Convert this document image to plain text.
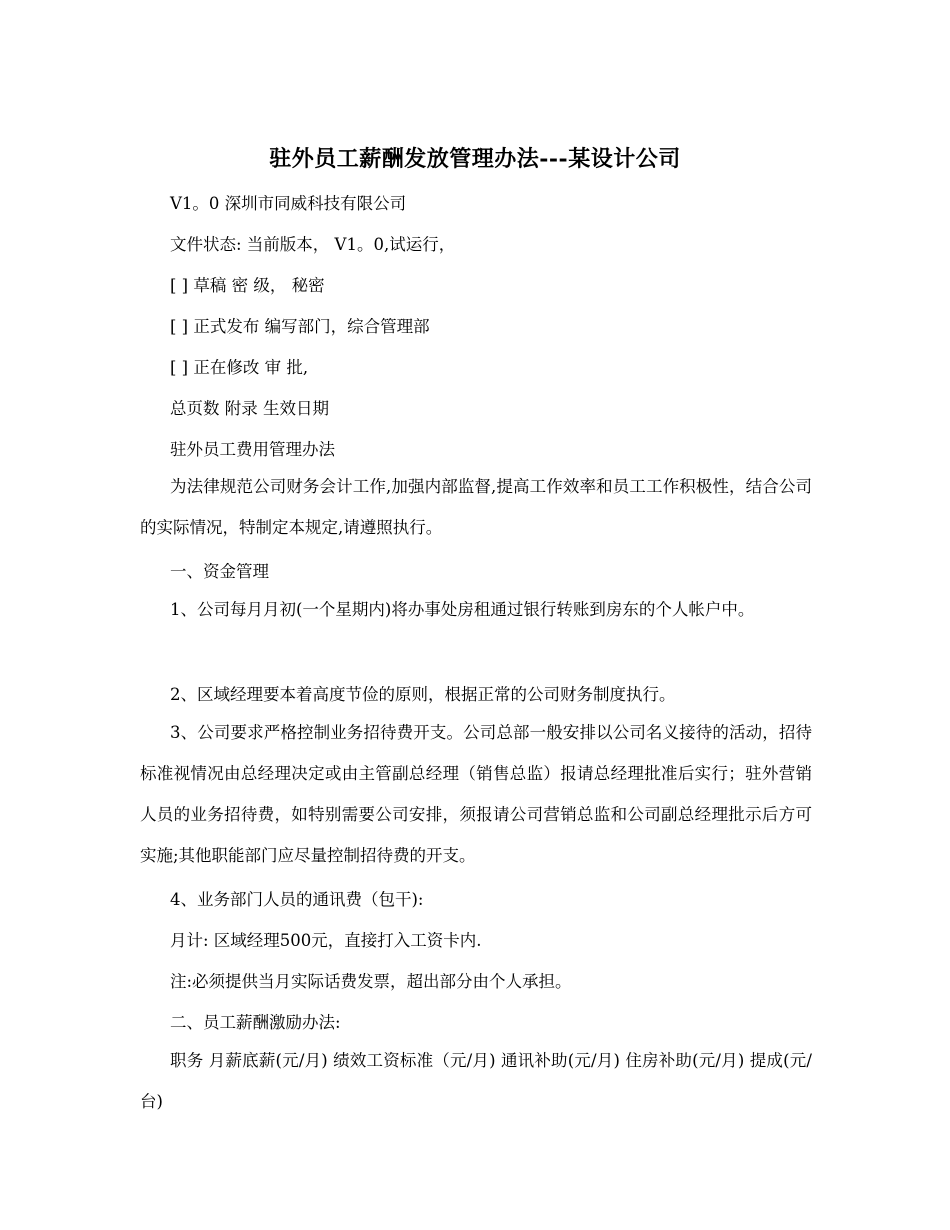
驻外员工薪酬发放管理办法---某设计公司
V1。0 深圳市同威科技有限公司
文件状态: 当前版本， V1。0,试运行，
[ ] 草稿 密 级， 秘密
[ ] 正式发布 编写部门，综合管理部
[ ] 正在修改 审 批,
总页数 附录 生效日期
驻外员工费用管理办法
为法律规范公司财务会计工作,加强内部监督,提高工作效率和员工工作积极性，结合公司的实际情况，特制定本规定,请遵照执行。
一、资金管理
1、公司每月月初(一个星期内)将办事处房租通过银行转账到房东的个人帐户中。
2、区域经理要本着高度节俭的原则，根据正常的公司财务制度执行。
3、公司要求严格控制业务招待费开支。公司总部一般安排以公司名义接待的活动，招待标准视情况由总经理决定或由主管副总经理（销售总监）报请总经理批准后实行；驻外营销人员的业务招待费，如特别需要公司安排，须报请公司营销总监和公司副总经理批示后方可实施;其他职能部门应尽量控制招待费的开支。
4、业务部门人员的通讯费（包干):
月计: 区域经理500元，直接打入工资卡内.
注:必须提供当月实际话费发票，超出部分由个人承担。
二、员工薪酬激励办法:
职务 月薪底薪(元/月) 绩效工资标准（元/月) 通讯补助(元/月) 住房补助(元/月) 提成(元/台)
